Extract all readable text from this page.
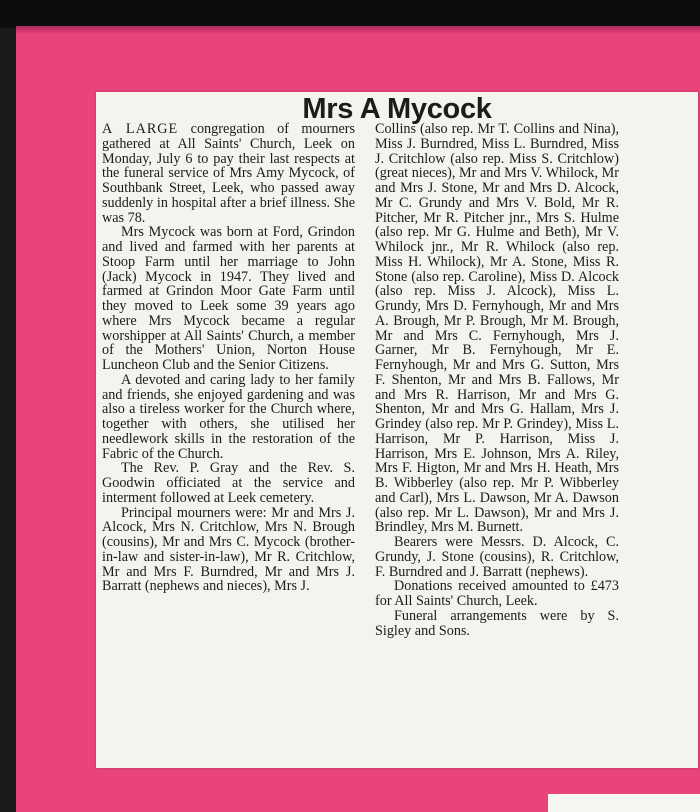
Mrs A Mycock

A LARGE congregation of mourners gathered at All Saints' Church, Leek on Monday, July 6 to pay their last respects at the funeral service of Mrs Amy Mycock, of Southbank Street, Leek, who passed away suddenly in hospital after a brief illness. She was 78.

Mrs Mycock was born at Ford, Grindon and lived and farmed with her parents at Stoop Farm until her marriage to John (Jack) Mycock in 1947. They lived and farmed at Grindon Moor Gate Farm until they moved to Leek some 39 years ago where Mrs Mycock became a regular worshipper at All Saints' Church, a member of the Mothers' Union, Norton House Luncheon Club and the Senior Citizens.

A devoted and caring lady to her family and friends, she enjoyed gardening and was also a tireless worker for the Church where, together with others, she utilised her needlework skills in the restoration of the Fabric of the Church.

The Rev. P. Gray and the Rev. S. Goodwin officiated at the service and interment followed at Leek cemetery.

Principal mourners were: Mr and Mrs J. Alcock, Mrs N. Critchlow, Mrs N. Brough (cousins), Mr and Mrs C. Mycock (brother-in-law and sister-in-law), Mr R. Critchlow, Mr and Mrs F. Burndred, Mr and Mrs J. Barratt (nephews and nieces), Mrs J.

Collins (also rep. Mr T. Collins and Nina), Miss J. Burndred, Miss L. Burndred, Miss J. Critchlow (also rep. Miss S. Critchlow) (great nieces), Mr and Mrs V. Whilock, Mr and Mrs J. Stone, Mr and Mrs D. Alcock, Mr C. Grundy and Mrs V. Bold, Mr R. Pitcher, Mr R. Pitcher jnr., Mrs S. Hulme (also rep. Mr G. Hulme and Beth), Mr V. Whilock jnr., Mr R. Whilock (also rep. Miss H. Whilock), Mr A. Stone, Miss R. Stone (also rep. Caroline), Miss D. Alcock (also rep. Miss J. Alcock), Miss L. Grundy, Mrs D. Fernyhough, Mr and Mrs A. Brough, Mr P. Brough, Mr M. Brough, Mr and Mrs C. Fernyhough, Mrs J. Garner, Mr B. Fernyhough, Mr E. Fernyhough, Mr and Mrs G. Sutton, Mrs F. Shenton, Mr and Mrs B. Fallows, Mr and Mrs R. Harrison, Mr and Mrs G. Shenton, Mr and Mrs G. Hallam, Mrs J. Grindey (also rep. Mr P. Grindey), Miss L. Harrison, Mr P. Harrison, Miss J. Harrison, Mrs E. Johnson, Mrs A. Riley, Mrs F. Higton, Mr and Mrs H. Heath, Mrs B. Wibberley (also rep. Mr P. Wibberley and Carl), Mrs L. Dawson, Mr A. Dawson (also rep. Mr L. Dawson), Mr and Mrs J. Brindley, Mrs M. Burnett.

Bearers were Messrs. D. Alcock, C. Grundy, J. Stone (cousins), R. Critchlow, F. Burndred and J. Barratt (nephews).

Donations received amounted to £473 for All Saints' Church, Leek.

Funeral arrangements were by S. Sigley and Sons.
